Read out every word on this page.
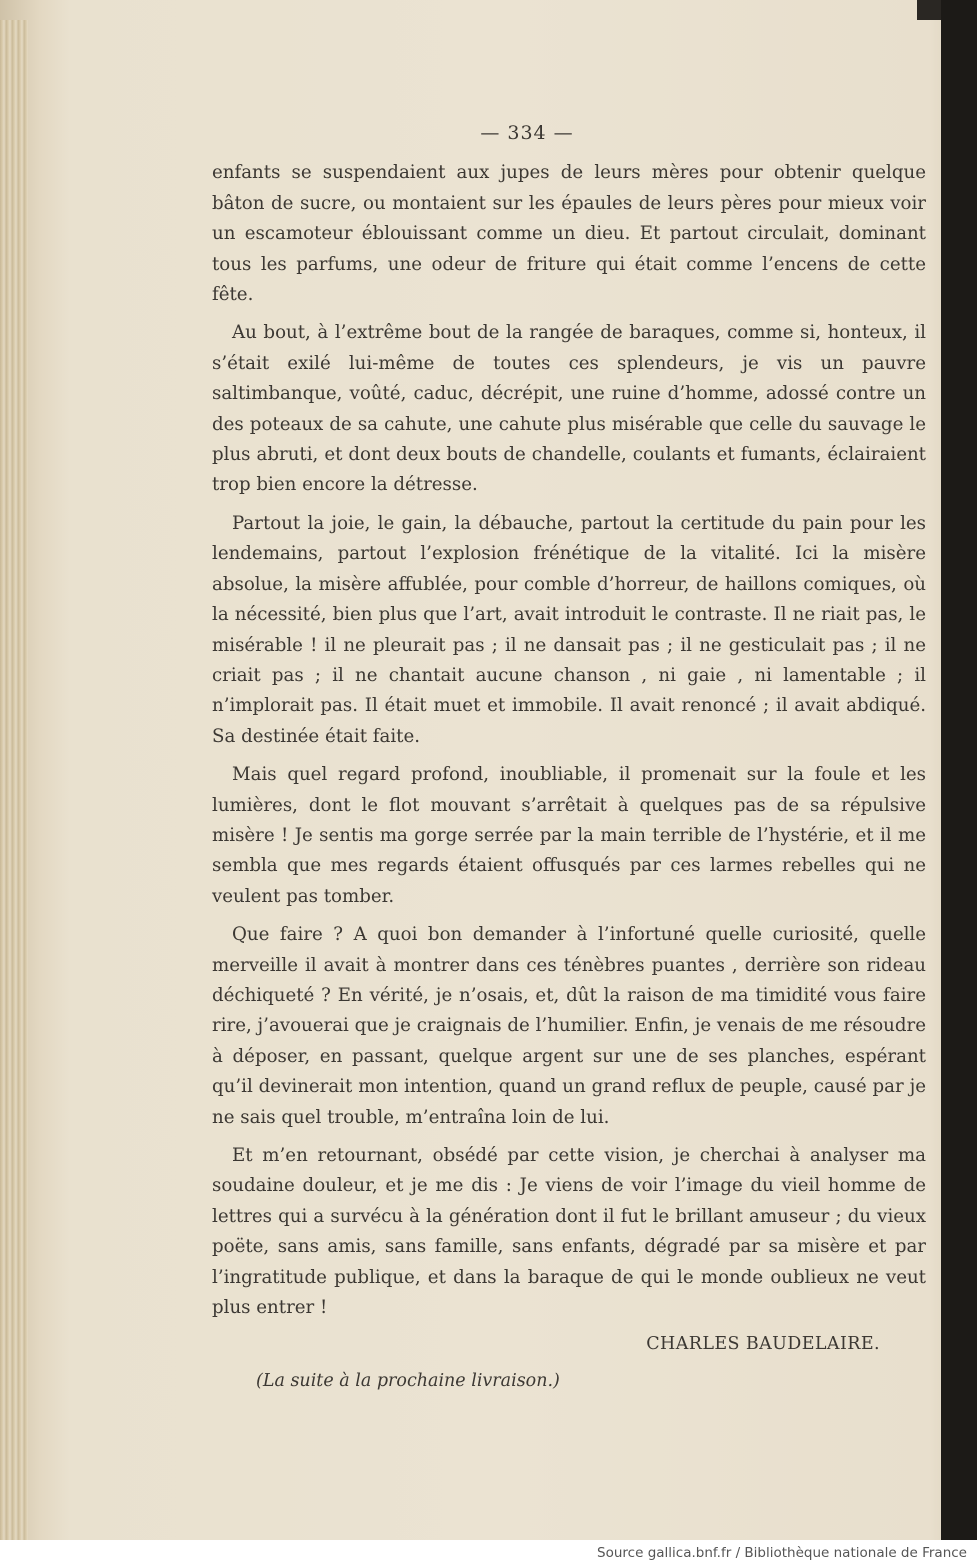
— 334 —

enfants se suspendaient aux jupes de leurs mères pour obtenir quelque bâton de sucre, ou montaient sur les épaules de leurs pères pour mieux voir un escamoteur éblouissant comme un dieu. Et partout circulait, dominant tous les parfums, une odeur de friture qui était comme l’encens de cette fête.

Au bout, à l’extrême bout de la rangée de baraques, comme si, honteux, il s’était exilé lui-même de toutes ces splendeurs, je vis un pauvre saltimbanque, voûté, caduc, décrépit, une ruine d’homme, adossé contre un des poteaux de sa cahute, une cahute plus misérable que celle du sauvage le plus abruti, et dont deux bouts de chandelle, coulants et fumants, éclairaient trop bien encore la détresse.

Partout la joie, le gain, la débauche, partout la certitude du pain pour les lendemains, partout l’explosion frénétique de la vitalité. Ici la misère absolue, la misère affublée, pour comble d’horreur, de haillons comiques, où la nécessité, bien plus que l’art, avait introduit le contraste. Il ne riait pas, le misérable ! il ne pleurait pas ; il ne dansait pas ; il ne gesticulait pas ; il ne criait pas ; il ne chantait aucune chanson , ni gaie , ni lamentable ; il n’implorait pas. Il était muet et immobile. Il avait renoncé ; il avait abdiqué. Sa destinée était faite.

Mais quel regard profond, inoubliable, il promenait sur la foule et les lumières, dont le flot mouvant s’arrêtait à quelques pas de sa répulsive misère ! Je sentis ma gorge serrée par la main terrible de l’hystérie, et il me sembla que mes regards étaient offusqués par ces larmes rebelles qui ne veulent pas tomber.

Que faire ? A quoi bon demander à l’infortuné quelle curiosité, quelle merveille il avait à montrer dans ces ténèbres puantes , derrière son rideau déchiqueté ? En vérité, je n’osais, et, dût la raison de ma timidité vous faire rire, j’avouerai que je craignais de l’humilier. Enfin, je venais de me résoudre à déposer, en passant, quelque argent sur une de ses planches, espérant qu’il devinerait mon intention, quand un grand reflux de peuple, causé par je ne sais quel trouble, m’entraîna loin de lui.

Et m’en retournant, obsédé par cette vision, je cherchai à analyser ma soudaine douleur, et je me dis : Je viens de voir l’image du vieil homme de lettres qui a survécu à la génération dont il fut le brillant amuseur ; du vieux poëte, sans amis, sans famille, sans enfants, dégradé par sa misère et par l’ingratitude publique, et dans la baraque de qui le monde oublieux ne veut plus entrer !

CHARLES BAUDELAIRE.
(La suite à la prochaine livraison.)
Source gallica.bnf.fr / Bibliothèque nationale de France
